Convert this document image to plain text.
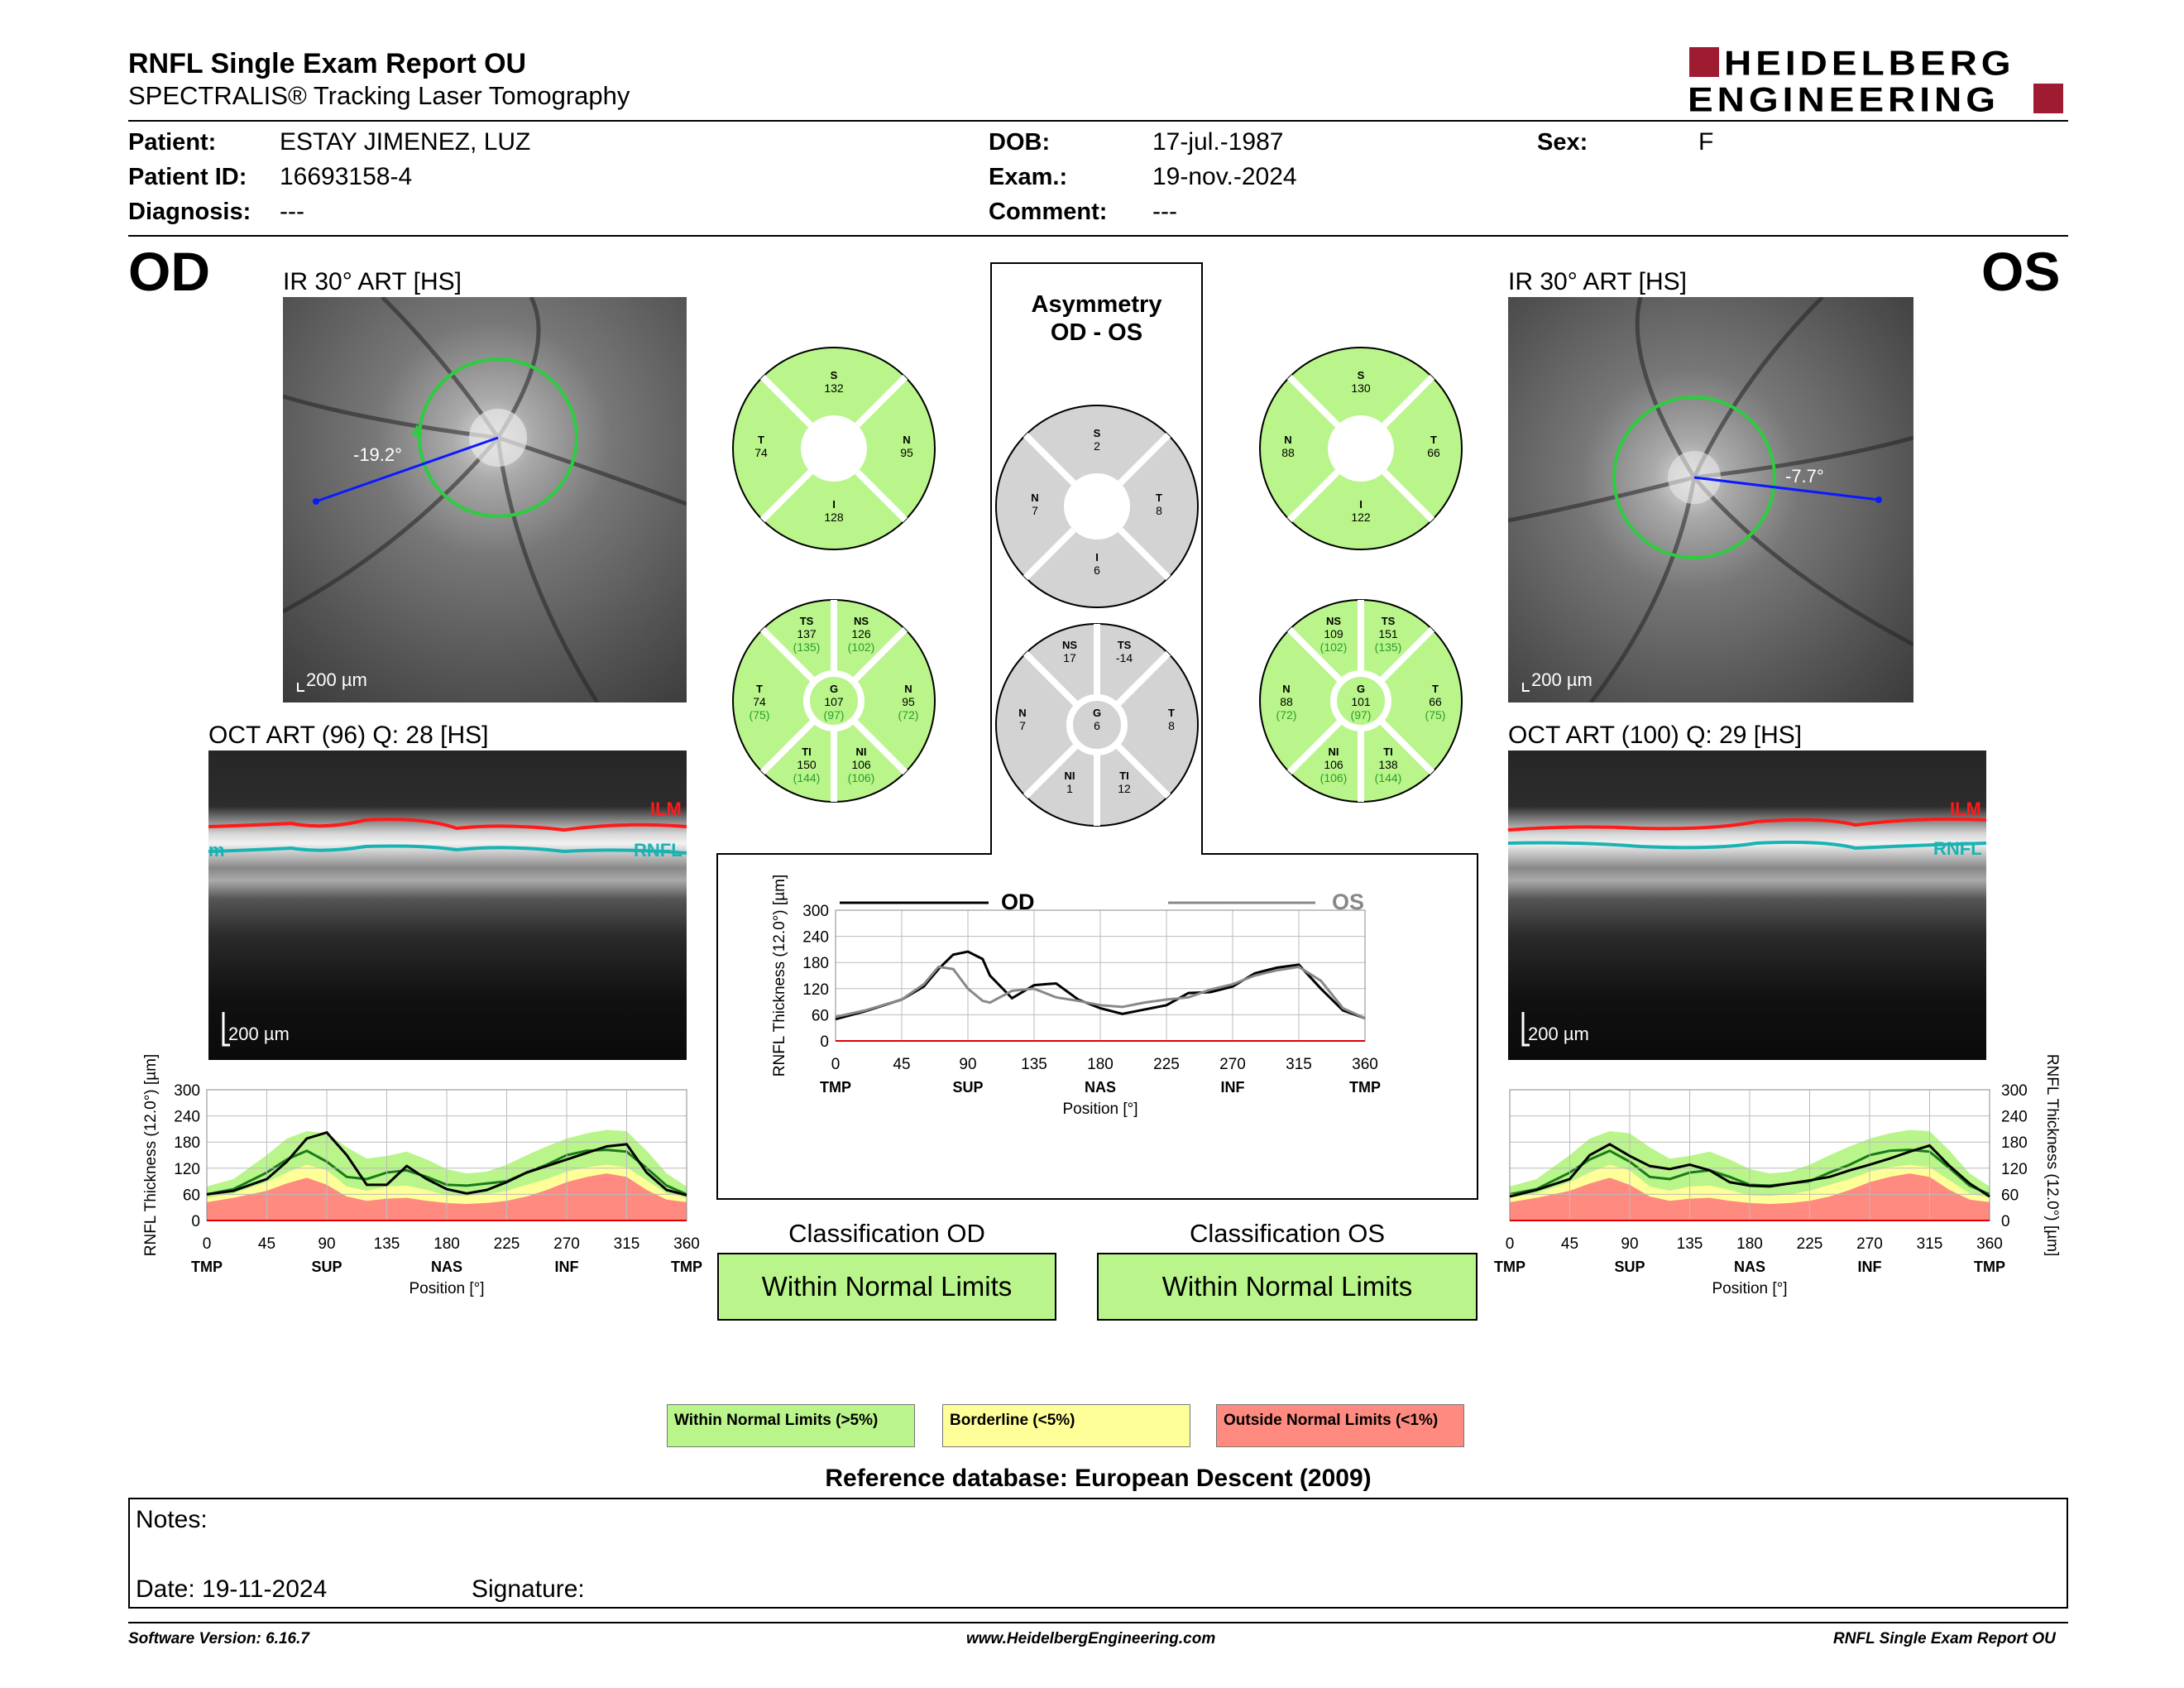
RNFL Single Exam Report OU
SPECTRALIS® Tracking Laser Tomography
HEIDELBERG
ENGINEERING
Patient:	ESTAY JIMENEZ, LUZ
Patient ID: 16693158-4
Diagnosis: ---
DOB:	17-jul.-1987
Exam.:	19-nov.-2024
Comment: ---
Sex:	F
OD	OS
IR 30° ART [HS]
-19.2°
200 µm
IR 30° ART [HS]
-7.7°
200 µm
OCT ART (96) Q: 28 [HS]
ILM
RNFL
m
200 µm
OCT ART (100) Q: 29 [HS]
ILM
RNFL
200 µm
Asymmetry
OD - OS
S
132
T
74
N
95
I
128
S
130
N
88
T
66
I
122
S
2
N
7
T
8
I
6
TS
137
(135)
NS
126
(102)
T
74
(75)
G
107
(97)
N
95
(72)
TI
150
(144)
NI
106
(106)
NS
109
(102)
TS
151
(135)
N
88
(72)
G
101
(97)
T
66
(75)
NI
106
(106)
TI
138
(144)
NS
17
TS
-14
N
7
G
6
T
8
NI
1
TI
12
300
240
180
120
60
0
0	45	90 135 180 225 270 315 360
TMP	SUP	NAS	INF	TMP
Position [°]
RNFL Thickness (12.0°) [µm]
300
240
180
120
60
0
0	45	90	135	180	225	270	315	360
TMP	SUP	NAS	INF	TMP
Position [°]
RNFL Thickness (12.0°) [µm]	OD	OS
300
240
180
120
60
0
0	45	90 135 180 225 270 315 360
TMP	SUP	NAS	INF	TMP
Position [°]
RNFL Thickness (12.0°) [µm]
Classification OD
Within Normal Limits
Classification OS
Within Normal Limits
Within Normal Limits (>5%)	Borderline (<5%)	Outside Normal Limits (<1%)
Reference database: European Descent (2009)
Notes:
Date: 19-11-2024	Signature:
Software Version: 6.16.7	www.HeidelbergEngineering.com	RNFL Single Exam Report OU
